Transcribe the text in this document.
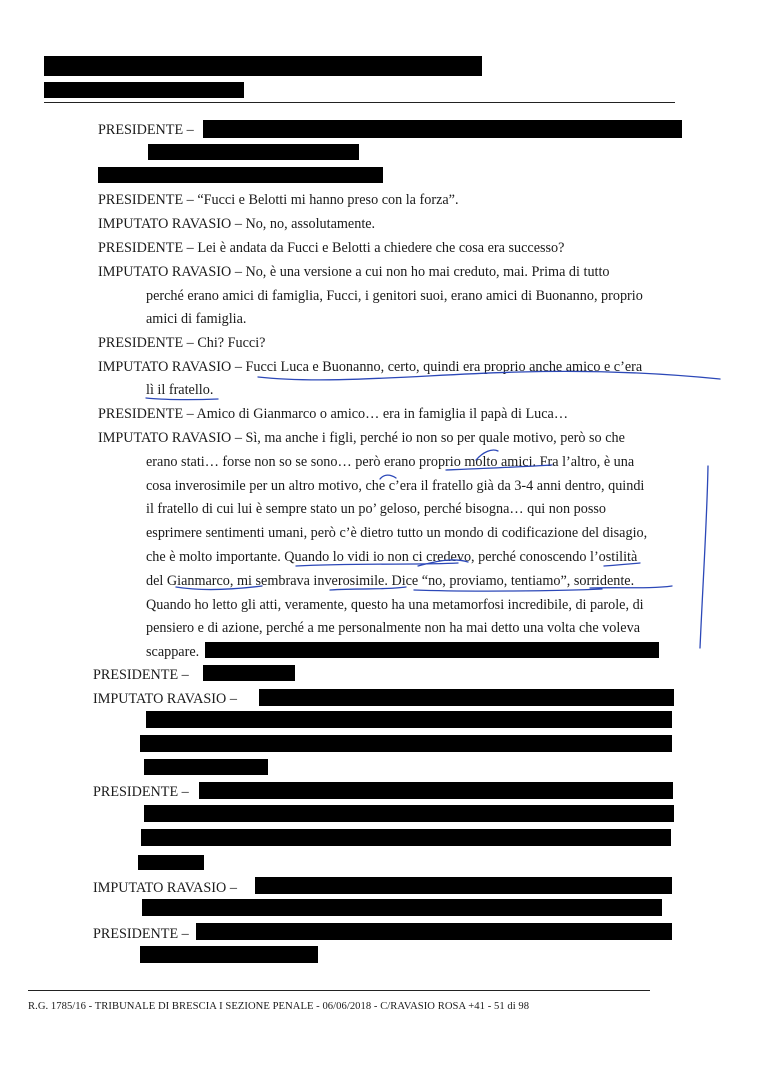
PRESIDENTE –
PRESIDENTE – “Fucci e Belotti mi hanno preso con la forza”.
IMPUTATO RAVASIO – No, no, assolutamente.
PRESIDENTE – Lei è andata da Fucci e Belotti a chiedere che cosa era successo?
IMPUTATO RAVASIO – No, è una versione a cui non ho mai creduto, mai. Prima di tutto
perché erano amici di famiglia, Fucci, i genitori suoi, erano amici di Buonanno, proprio
amici di famiglia.
PRESIDENTE – Chi? Fucci?
IMPUTATO RAVASIO – Fucci Luca e Buonanno, certo, quindi era proprio anche amico e c’era
lì il fratello.
PRESIDENTE – Amico di Gianmarco o amico… era in famiglia il papà di Luca…
IMPUTATO RAVASIO – Sì, ma anche i figli, perché io non so per quale motivo, però so che
erano stati… forse non so se sono… però erano proprio molto amici. Fra l’altro, è una
cosa inverosimile per un altro motivo, che c’era il fratello già da 3-4 anni dentro, quindi
il fratello di cui lui è sempre stato un po’ geloso, perché bisogna… qui non posso
esprimere sentimenti umani, però c’è dietro tutto un mondo di codificazione del disagio,
che è molto importante. Quando lo vidi io non ci credevo, perché conoscendo l’ostilità
del Gianmarco, mi sembrava inverosimile. Dice “no, proviamo, tentiamo”, sorridente.
Quando ho letto gli atti, veramente, questo ha una metamorfosi incredibile, di parole, di
pensiero e di azione, perché a me personalmente non ha mai detto una volta che voleva
scappare.
PRESIDENTE –
IMPUTATO RAVASIO –
PRESIDENTE –
IMPUTATO RAVASIO –
PRESIDENTE –
R.G. 1785/16 - TRIBUNALE DI BRESCIA I SEZIONE PENALE - 06/06/2018 - C/RAVASIO ROSA +41 - 51 di 98
